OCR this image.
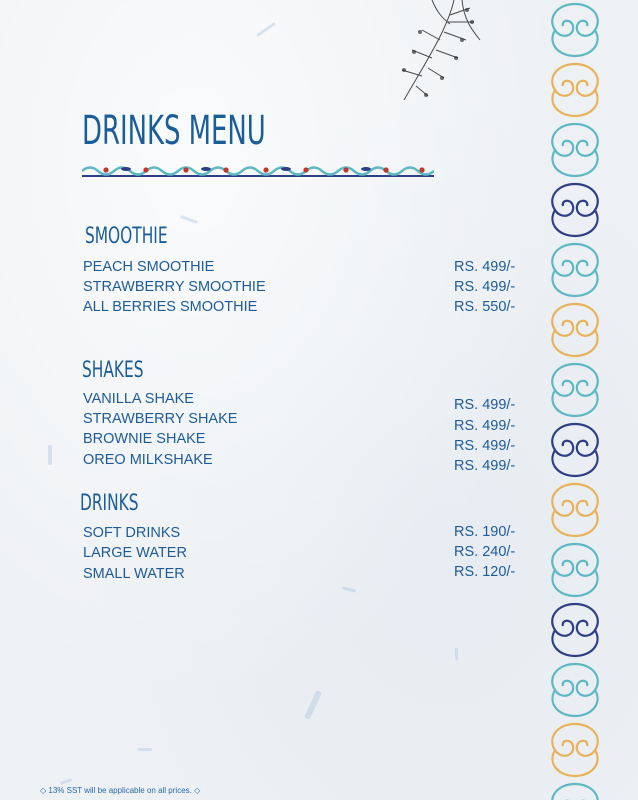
DRINKS MENU
SMOOTHIE

PEACH SMOOTHIE	RS. 499/-

STRAWBERRY SMOOTHIE	RS. 499/-

ALL BERRIES SMOOTHIE	RS. 550/-

SHAKES

VANILLA SHAKE	RS. 499/-

STRAWBERRY SHAKE	RS. 499/-

BROWNIE SHAKE	RS. 499/-

OREO MILKSHAKE	RS. 499/-

DRINKS

SOFT DRINKS	RS. 190/-

LARGE WATER	RS. 240/-

SMALL WATER	RS. 120/-

◇ 13% SST will be applicable on all prices. ◇
